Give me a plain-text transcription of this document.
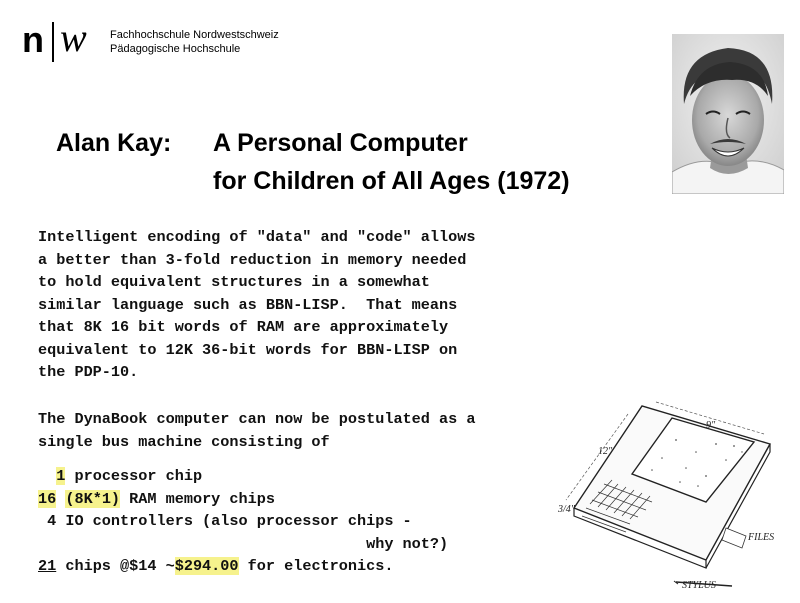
n w Fachhochschule Nordwestschweiz
Pädagogische Hochschule
Alan Kay: A Personal Computer
for Children of All Ages (1972)
Intelligent encoding of "data" and "code" allows
a better than 3-fold reduction in memory needed
to hold equivalent structures in a somewhat
similar language such as BBN-LISP.  That means
that 8K 16 bit words of RAM are approximately
equivalent to 12K 36-bit words for BBN-LISP on
the PDP-10.
The DynaBook computer can now be postulated as a
single bus machine consisting of
1 processor chip
16 (8K*1) RAM memory chips
4 IO controllers (also processor chips -
why not?)
21 chips @$14 ~$294.00 for electronics.
9"
12"
3/4"
FILES
STYLUS
